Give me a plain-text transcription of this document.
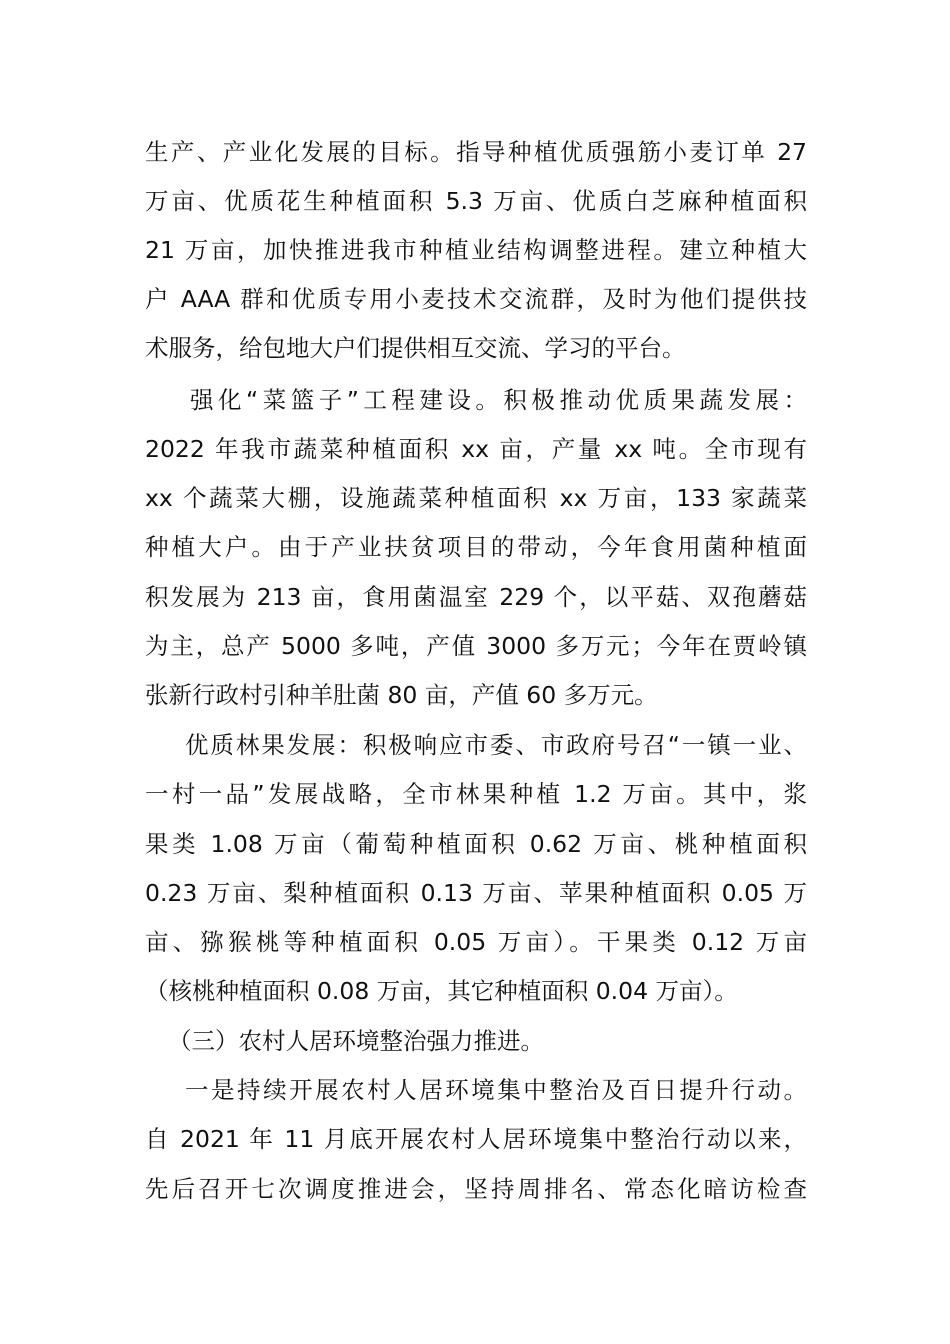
生产、产业化发展的目标。指导种植优质强筋小麦订单 27
万亩、优质花生种植面积 5.3 万亩、优质白芝麻种植面积
21 万亩，加快推进我市种植业结构调整进程。建立种植大
户 AAA 群和优质专用小麦技术交流群，及时为他们提供技
术服务，给包地大户们提供相互交流、学习的平台。
强化“菜篮子”工程建设。积极推动优质果蔬发展：
2022 年我市蔬菜种植面积 xx 亩，产量 xx 吨。全市现有
xx 个蔬菜大棚，设施蔬菜种植面积 xx 万亩，133 家蔬菜
种植大户。由于产业扶贫项目的带动，今年食用菌种植面
积发展为 213 亩，食用菌温室 229 个，以平菇、双孢蘑菇
为主，总产 5000 多吨，产值 3000 多万元；今年在贾岭镇
张新行政村引种羊肚菌 80 亩，产值 60 多万元。
优质林果发展：积极响应市委、市政府号召“一镇一业、
一村一品”发展战略，全市林果种植 1.2 万亩。其中，浆
果类 1.08 万亩（葡萄种植面积 0.62 万亩、桃种植面积
0.23 万亩、梨种植面积 0.13 万亩、苹果种植面积 0.05 万
亩、猕猴桃等种植面积 0.05 万亩）。干果类 0.12 万亩
（核桃种植面积 0.08 万亩，其它种植面积 0.04 万亩）。
（三）农村人居环境整治强力推进。
一是持续开展农村人居环境集中整治及百日提升行动。
自 2021 年 11 月底开展农村人居环境集中整治行动以来，
先后召开七次调度推进会，坚持周排名、常态化暗访检查
